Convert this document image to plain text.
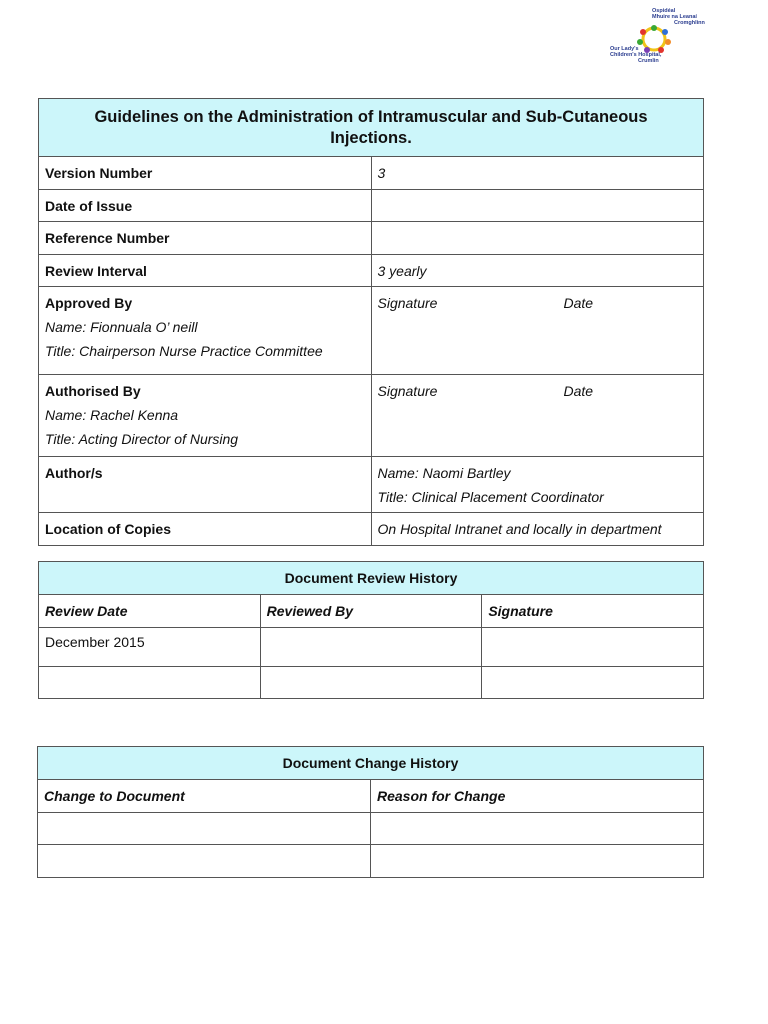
Ospidéal
Mhuire na Leanaí
Cromghlinn
Our Lady's
Children's Hospital,
Crumlin
Guidelines on the Administration of Intramuscular and Sub-Cutaneous Injections.	
Version Number	3
Date of Issue	
Reference Number	
Review Interval	3 yearly

Approved By
Name: Fionnuala O’ neill
Title: Chairperson Nurse Practice Committee	Signature Date

Authorised By
Name: Rachel Kenna
Title: Acting Director of Nursing	Signature Date

Author/s	Name: Naomi Bartley
Title: Clinical Placement Coordinator

Location of Copies	On Hospital Intranet and locally in department
Document Review History		
Review Date	Reviewed By	Signature
December 2015		

Document Change History	
Change to Document	Reason for Change
